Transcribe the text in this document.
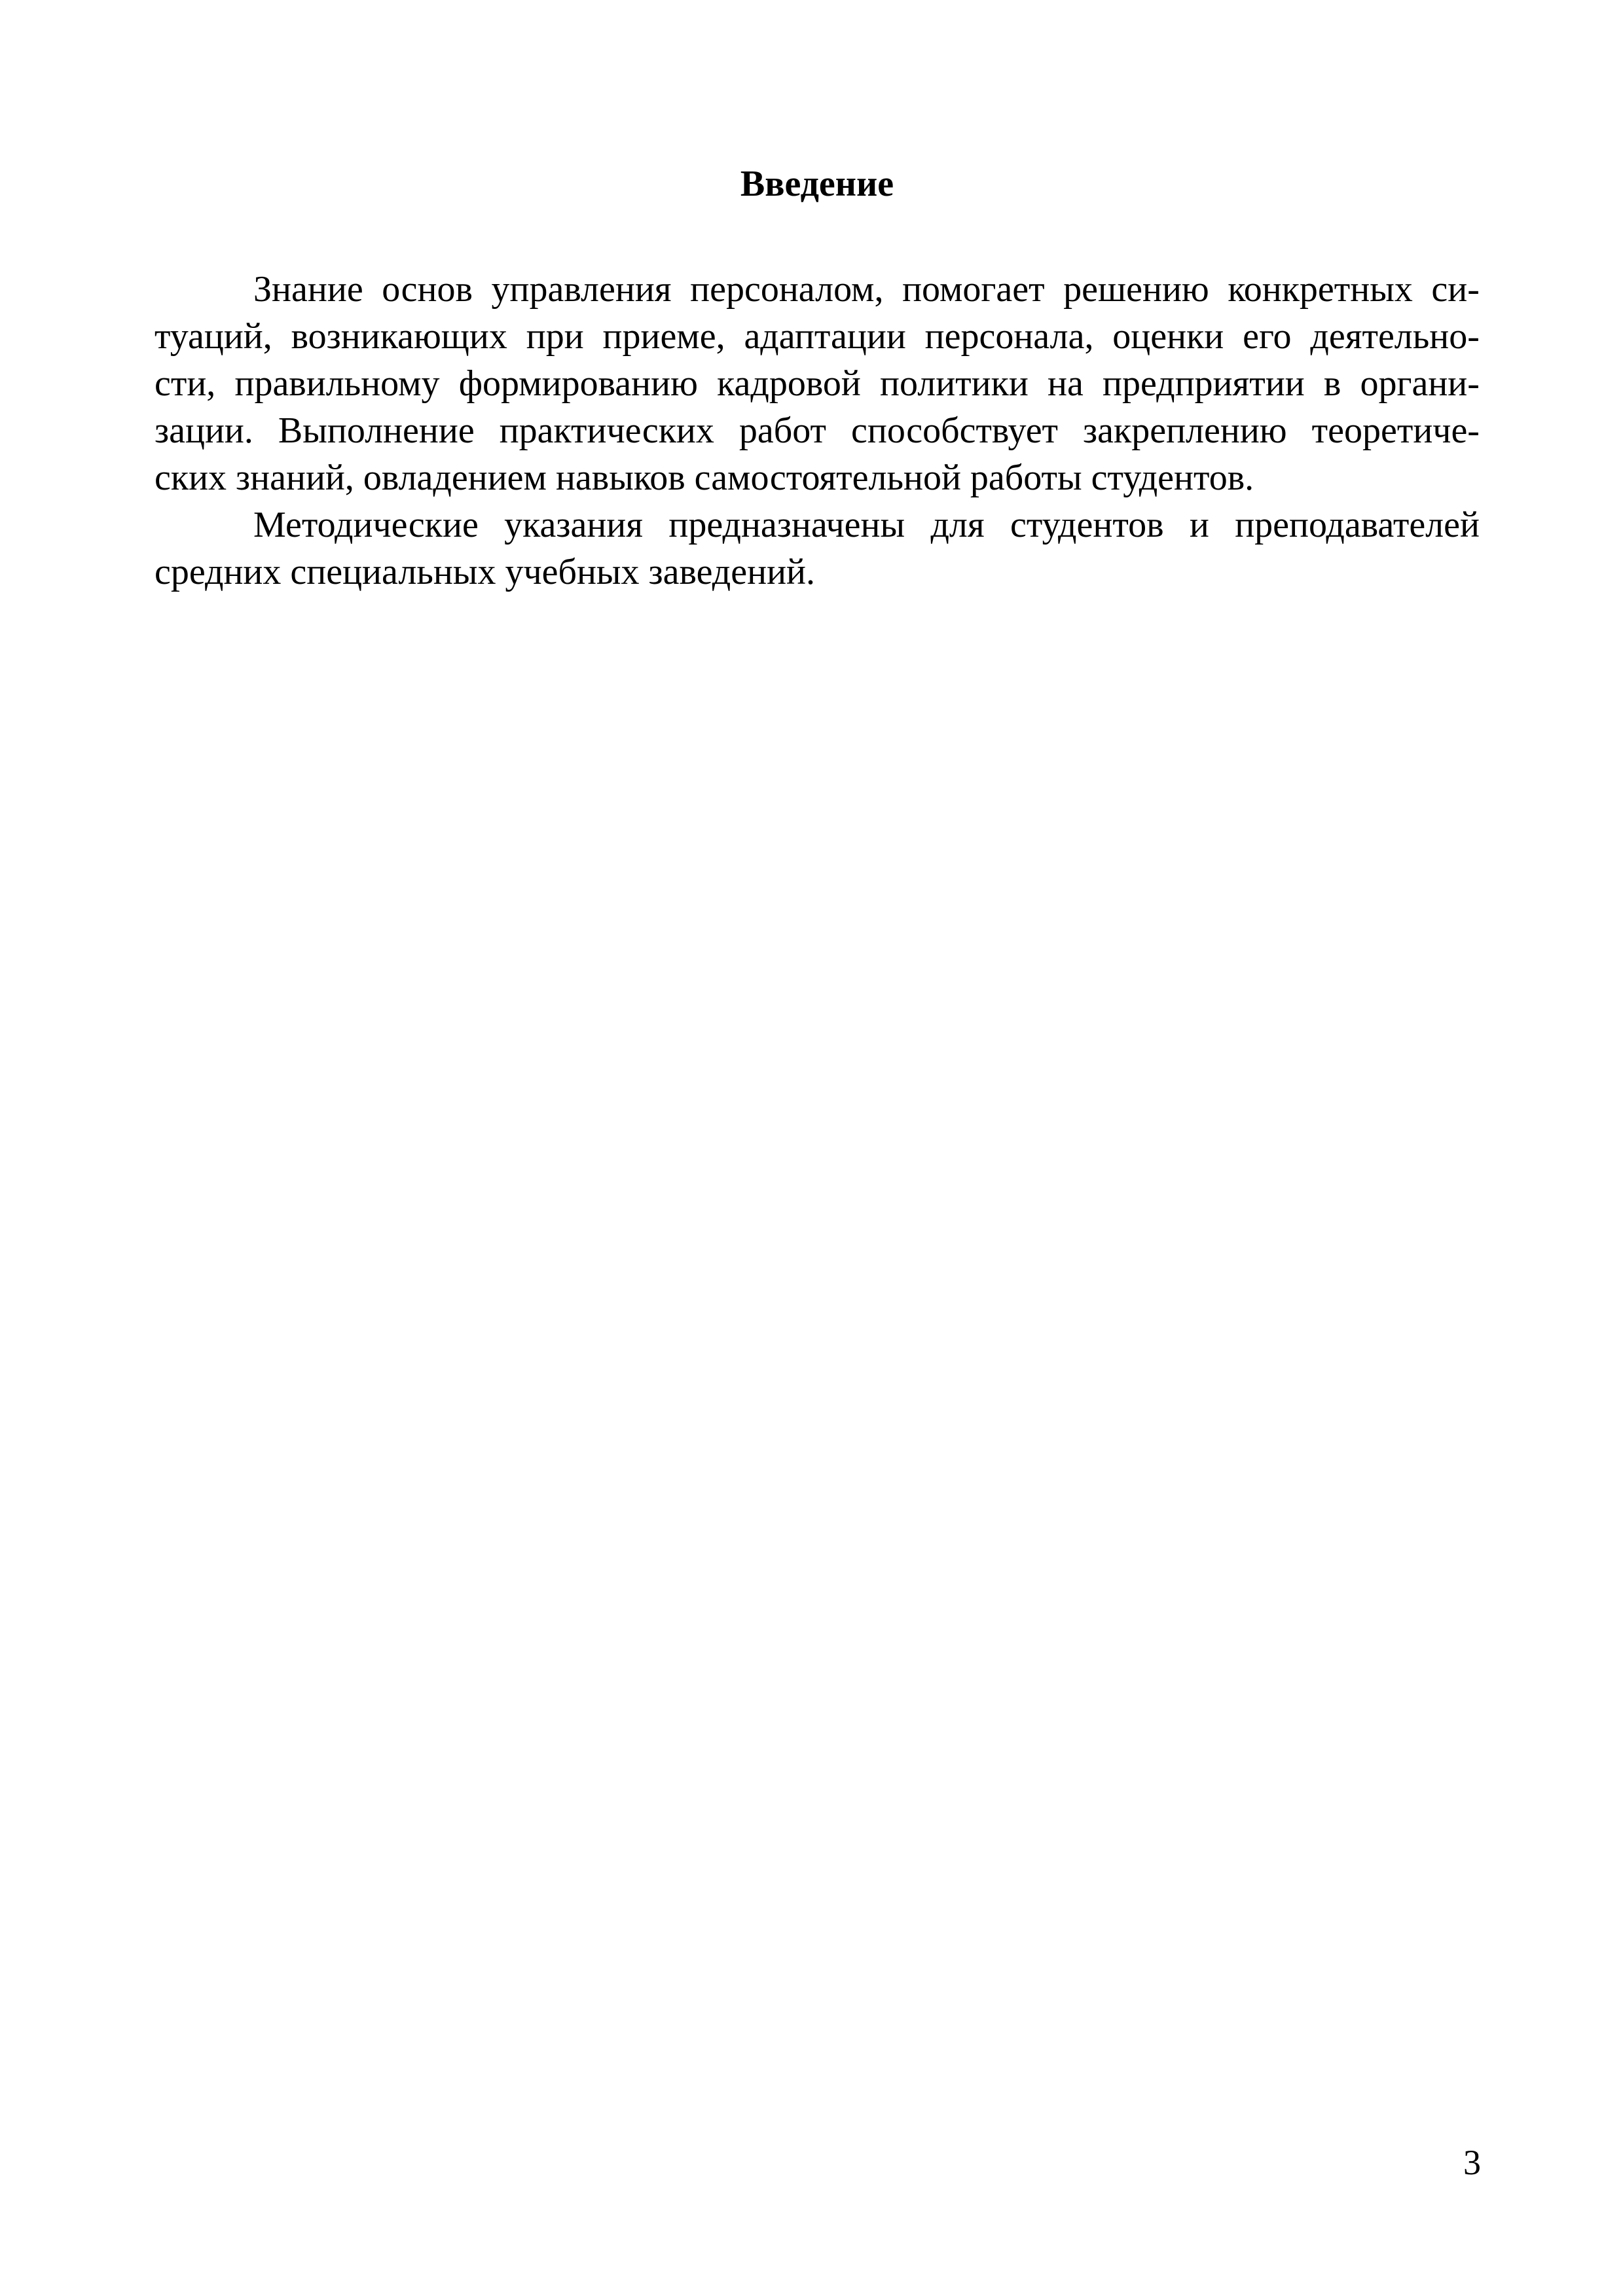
Введение
Знание основ управления персоналом, помогает решению конкретных си-
туаций, возникающих при приеме, адаптации персонала, оценки его деятельно-
сти, правильному формированию кадровой политики на предприятии в органи-
зации. Выполнение практических работ способствует закреплению теоретиче-
ских знаний, овладением навыков самостоятельной работы студентов.
Методические указания предназначены для студентов и преподавателей
средних специальных учебных заведений.
3
